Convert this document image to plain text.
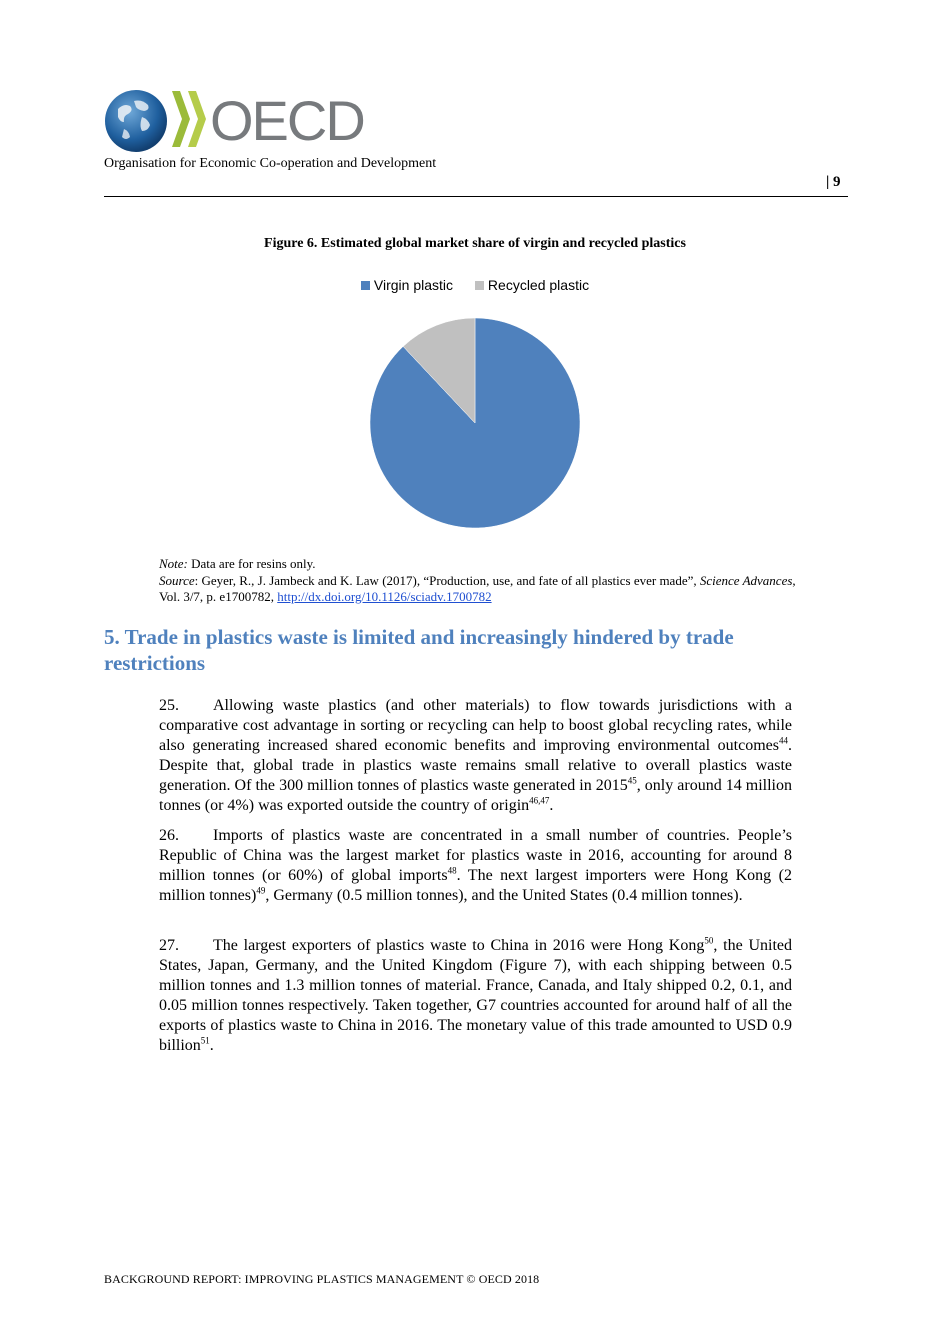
OECD
Organisation for Economic Co-operation and Development
| 9
Figure 6. Estimated global market share of virgin and recycled plastics
Virgin plastic Recycled plastic
Note: Data are for resins only.
Source: Geyer, R., J. Jambeck and K. Law (2017), “Production, use, and fate of all plastics ever made”, Science Advances, Vol. 3/7, p. e1700782, http://dx.doi.org/10.1126/sciadv.1700782
5. Trade in plastics waste is limited and increasingly hindered by trade restrictions
25. Allowing waste plastics (and other materials) to flow towards jurisdictions with a comparative cost advantage in sorting or recycling can help to boost global recycling rates, while also generating increased shared economic benefits and improving environmental outcomes$^{44}$. Despite that, global trade in plastics waste remains small relative to overall plastics waste generation. Of the 300 million tonnes of plastics waste generated in 2015$^{45}$, only around 14 million tonnes (or 4%) was exported outside the country of origin$^{46,47}$.
26. Imports of plastics waste are concentrated in a small number of countries. People’s Republic of China was the largest market for plastics waste in 2016, accounting for around 8 million tonnes (or 60%) of global imports$^{48}$. The next largest importers were Hong Kong (2 million tonnes)$^{49}$, Germany (0.5 million tonnes), and the United States (0.4 million tonnes).
27. The largest exporters of plastics waste to China in 2016 were Hong Kong$^{50}$, the United States, Japan, Germany, and the United Kingdom (Figure 7), with each shipping between 0.5 million tonnes and 1.3 million tonnes of material. France, Canada, and Italy shipped 0.2, 0.1, and 0.05 million tonnes respectively. Taken together, G7 countries accounted for around half of all the exports of plastics waste to China in 2016. The monetary value of this trade amounted to USD 0.9 billion$^{51}$.
BACKGROUND REPORT: IMPROVING PLASTICS MANAGEMENT © OECD 2018
